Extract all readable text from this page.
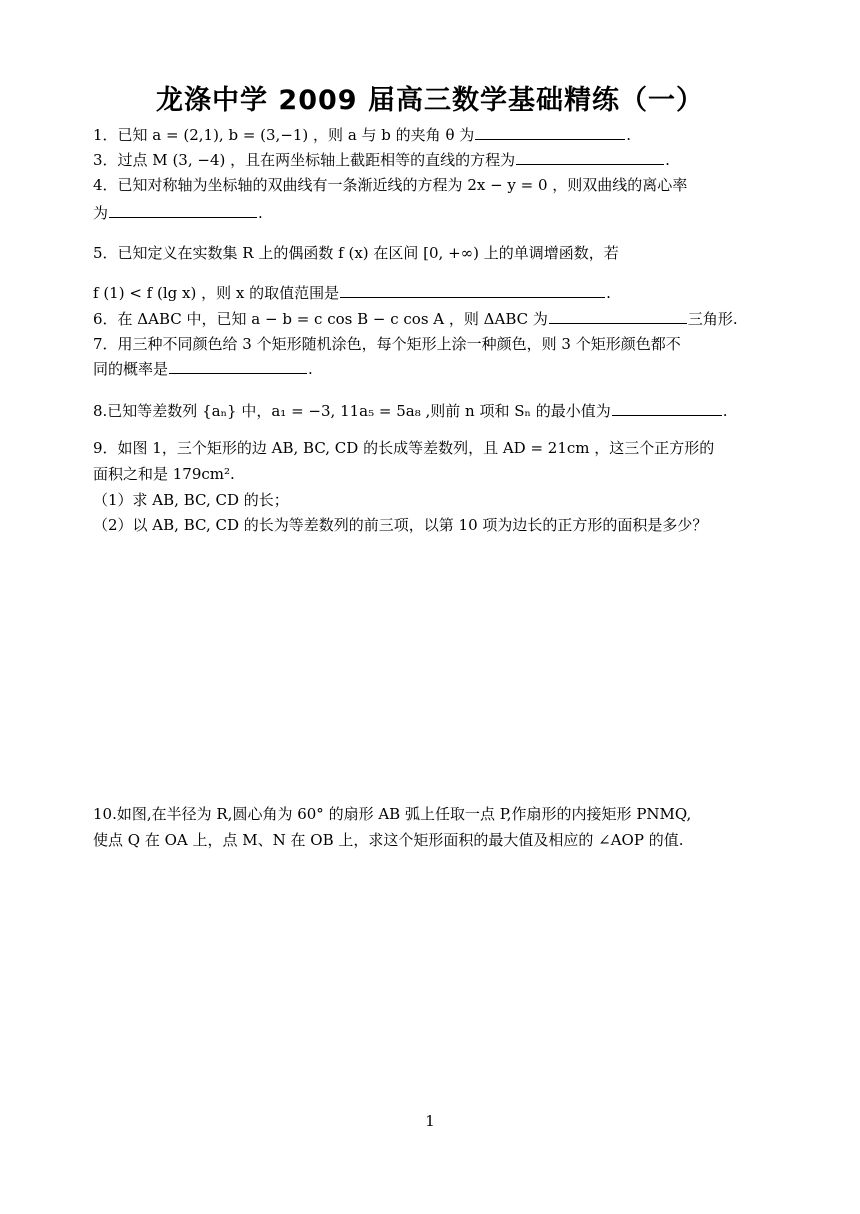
龙涤中学 2009 届高三数学基础精练（一）
1．已知 a = (2,1), b = (3,−1) ，则 a 与 b 的夹角 θ 为	.
3．过点 M (3, −4) ，且在两坐标轴上截距相等的直线的方程为	.
4．已知对称轴为坐标轴的双曲线有一条渐近线的方程为 2x − y = 0 ，则双曲线的离心率
为	.
5．已知定义在实数集 R 上的偶函数 f (x) 在区间 [0, +∞) 上的单调增函数，若
f (1) < f (lg x) ，则 x 的取值范围是	.
6．在 ΔABC 中，已知 a − b = c cos B − c cos A ，则 ΔABC 为	三角形.
7．用三种不同颜色给 3 个矩形随机涂色，每个矩形上涂一种颜色，则 3 个矩形颜色都不
同的概率是	.
8.已知等差数列 {aₙ} 中，a₁ = −3, 11a₅ = 5a₈ ,则前 n 项和 Sₙ 的最小值为	.
9．如图 1，三个矩形的边 AB, BC, CD 的长成等差数列，且 AD = 21cm ，这三个正方形的
面积之和是 179cm².
（1）求 AB, BC, CD 的长；
（2）以 AB, BC, CD 的长为等差数列的前三项，以第 10 项为边长的正方形的面积是多少？
10.如图,在半径为 R,圆心角为 60° 的扇形 AB 弧上任取一点 P,作扇形的内接矩形 PNMQ,
使点 Q 在 OA 上，点 M、N 在 OB 上，求这个矩形面积的最大值及相应的 ∠AOP 的值.
1
